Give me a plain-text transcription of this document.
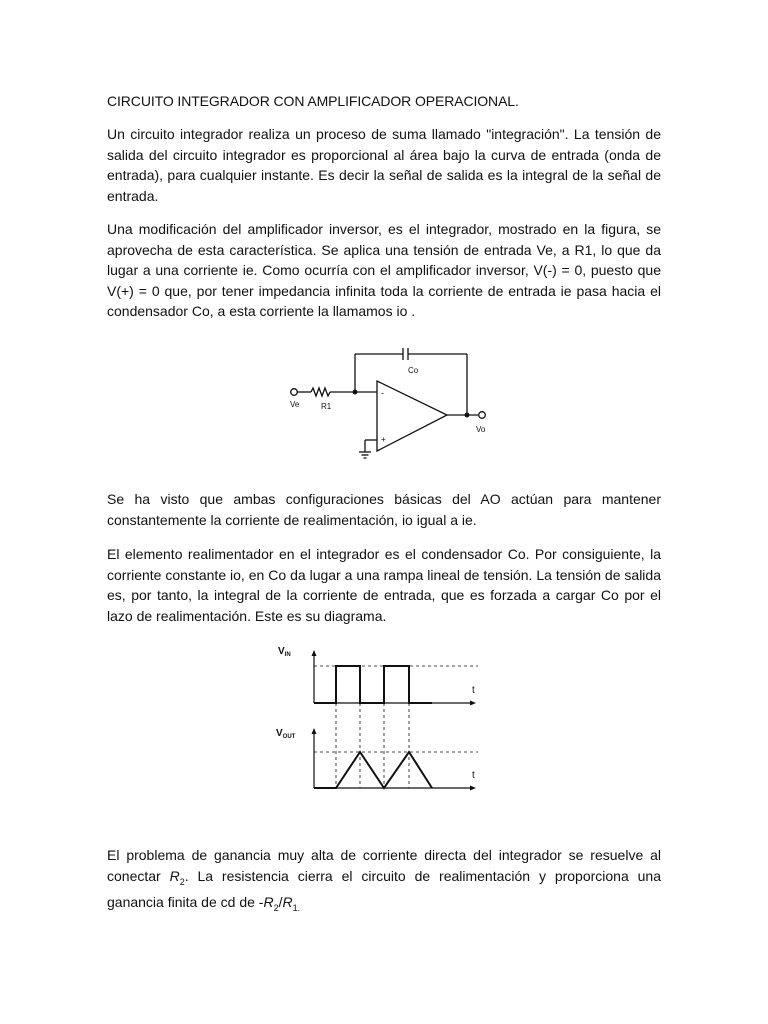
CIRCUITO INTEGRADOR CON AMPLIFICADOR OPERACIONAL.

Un circuito integrador realiza un proceso de suma llamado "integración". La tensión de salida del circuito integrador es proporcional al área bajo la curva de entrada (onda de entrada), para cualquier instante. Es decir la señal de salida es la integral de la señal de entrada.

Una modificación del amplificador inversor, es el integrador, mostrado en la figura, se aprovecha de esta característica. Se aplica una tensión de entrada Ve, a R1, lo que da lugar a una corriente ie. Como ocurría con el amplificador inversor, V(-) = 0, puesto que V(+) = 0 que, por tener impedancia infinita toda la corriente de entrada ie pasa hacia el condensador Co, a esta corriente la llamamos io .

Se ha visto que ambas configuraciones básicas del AO actúan para mantener constantemente la corriente de realimentación, io igual a ie.

El elemento realimentador en el integrador es el condensador Co. Por consiguiente, la corriente constante io, en Co da lugar a una rampa lineal de tensión. La tensión de salida es, por tanto, la integral de la corriente de entrada, que es forzada a cargar Co por el lazo de realimentación. Este es su diagrama.

El problema de ganancia muy alta de corriente directa del integrador se resuelve al conectar $R_2$. La resistencia cierra el circuito de realimentación y proporciona una ganancia finita de cd de $-R_2/R_{1.}$

Co
Ve	R1
Vo
-
+
$V_{IN}$
$V_{OUT}$
t
t
